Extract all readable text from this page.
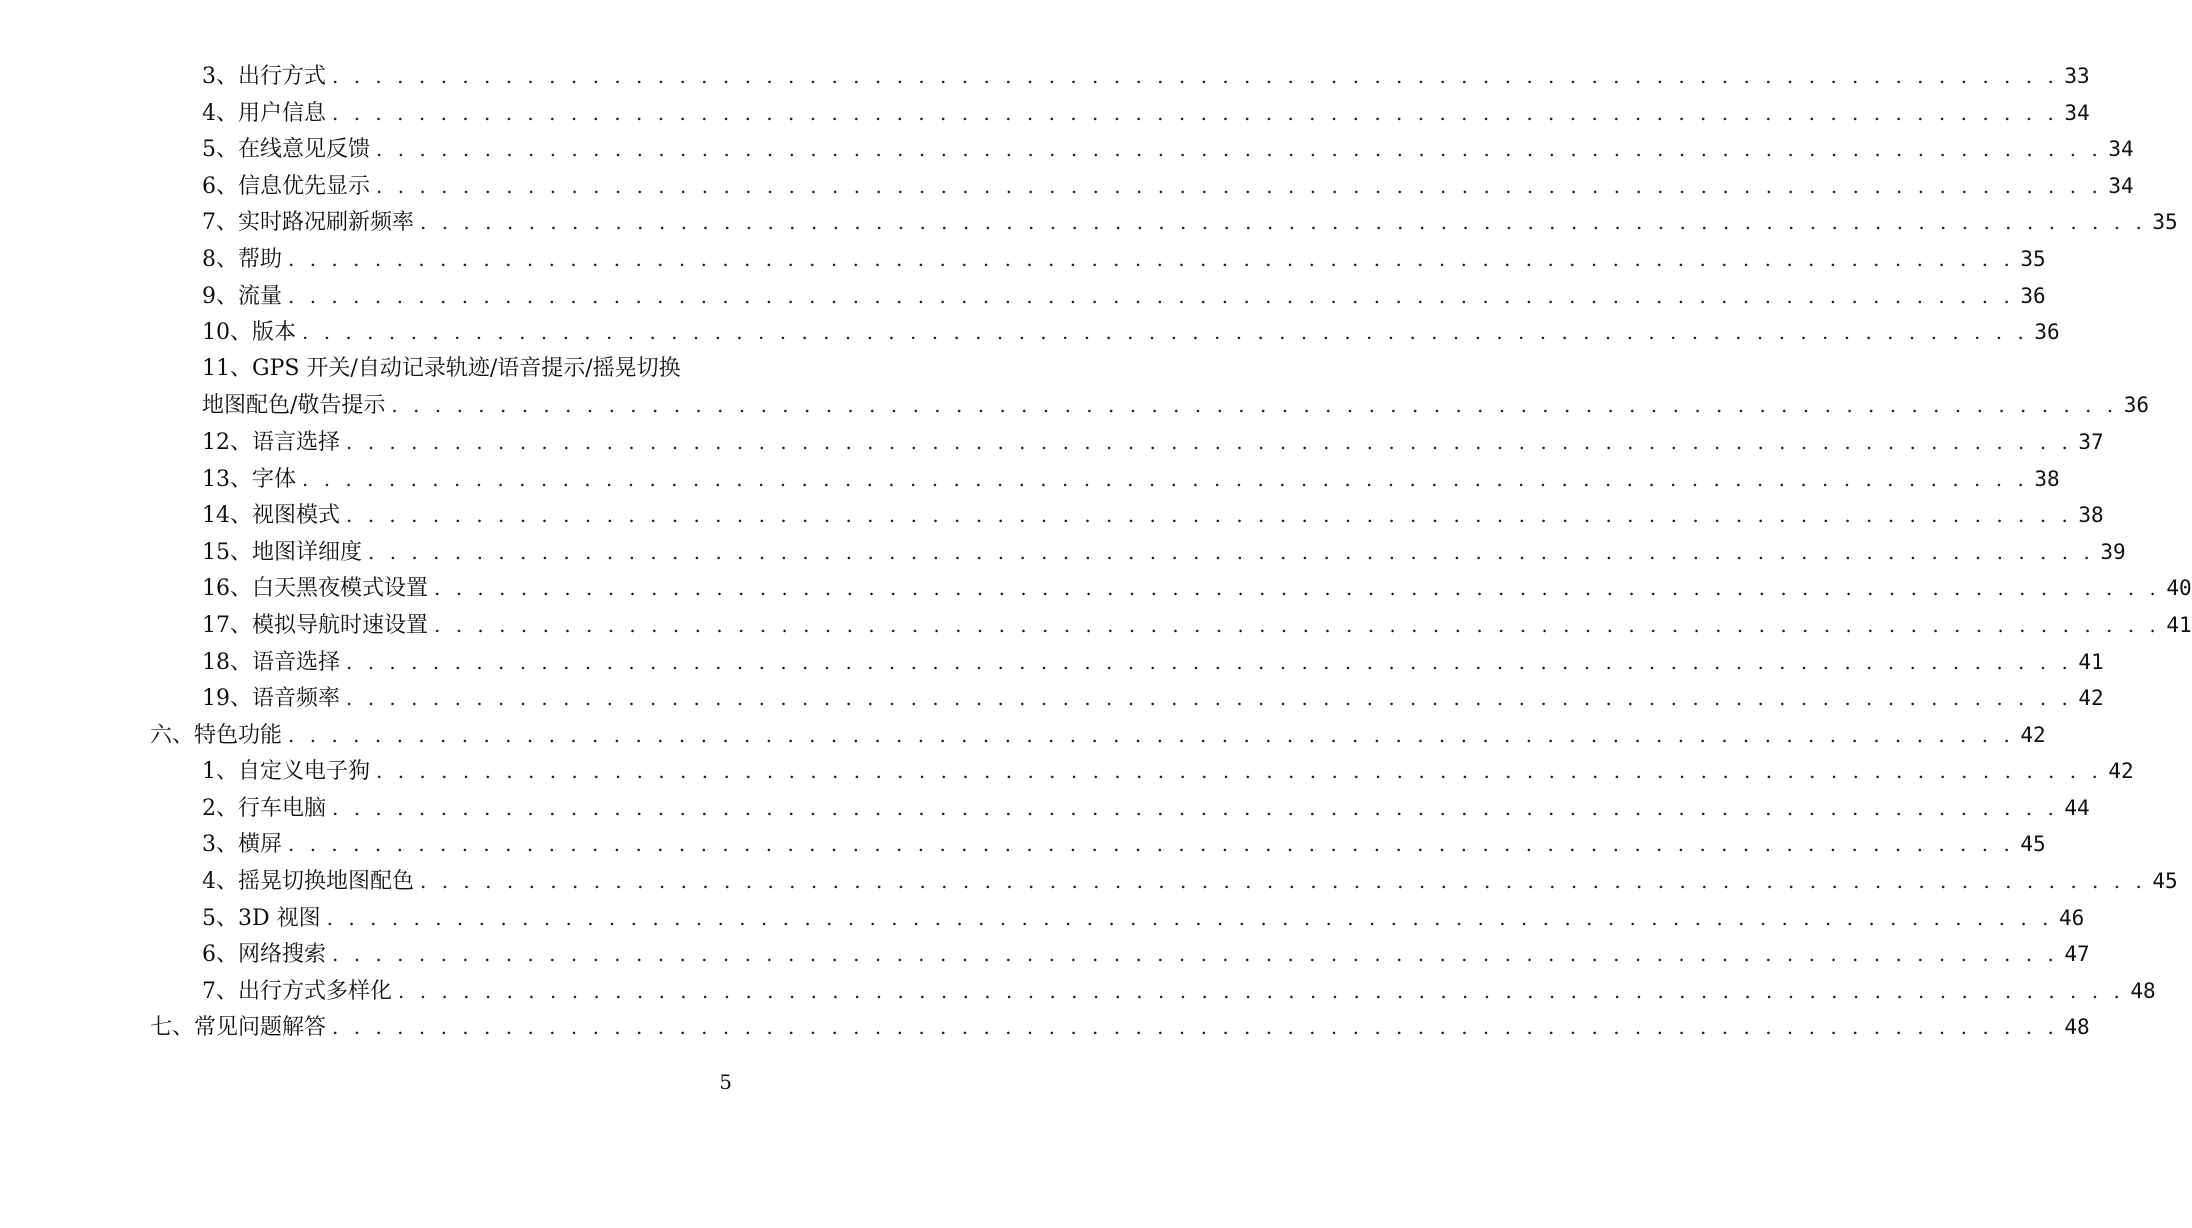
3、出行方式 . . . . . . . . . . . . . . . . . . . . . . . . . . . . . . . . . . . . . . . . . . . . . . . . . . . . . . . . . . . . . . . . . . . . . . . . . . . . . . . . 33
4、用户信息 . . . . . . . . . . . . . . . . . . . . . . . . . . . . . . . . . . . . . . . . . . . . . . . . . . . . . . . . . . . . . . . . . . . . . . . . . . . . . . . . 34
5、在线意见反馈 . . . . . . . . . . . . . . . . . . . . . . . . . . . . . . . . . . . . . . . . . . . . . . . . . . . . . . . . . . . . . . . . . . . . . . . . . . . . . . . . 34
6、信息优先显示 . . . . . . . . . . . . . . . . . . . . . . . . . . . . . . . . . . . . . . . . . . . . . . . . . . . . . . . . . . . . . . . . . . . . . . . . . . . . . . . . 34
7、实时路况刷新频率 . . . . . . . . . . . . . . . . . . . . . . . . . . . . . . . . . . . . . . . . . . . . . . . . . . . . . . . . . . . . . . . . . . . . . . . . . . . . . . . . 35
8、帮助 . . . . . . . . . . . . . . . . . . . . . . . . . . . . . . . . . . . . . . . . . . . . . . . . . . . . . . . . . . . . . . . . . . . . . . . . . . . . . . . . 35
9、流量 . . . . . . . . . . . . . . . . . . . . . . . . . . . . . . . . . . . . . . . . . . . . . . . . . . . . . . . . . . . . . . . . . . . . . . . . . . . . . . . . 36
10、版本 . . . . . . . . . . . . . . . . . . . . . . . . . . . . . . . . . . . . . . . . . . . . . . . . . . . . . . . . . . . . . . . . . . . . . . . . . . . . . . . . 36
11、GPS 开关/自动记录轨迹/语音提示/摇晃切换
地图配色/敬告提示 . . . . . . . . . . . . . . . . . . . . . . . . . . . . . . . . . . . . . . . . . . . . . . . . . . . . . . . . . . . . . . . . . . . . . . . . . . . . . . . . 36
12、语言选择 . . . . . . . . . . . . . . . . . . . . . . . . . . . . . . . . . . . . . . . . . . . . . . . . . . . . . . . . . . . . . . . . . . . . . . . . . . . . . . . . 37
13、字体 . . . . . . . . . . . . . . . . . . . . . . . . . . . . . . . . . . . . . . . . . . . . . . . . . . . . . . . . . . . . . . . . . . . . . . . . . . . . . . . . 38
14、视图模式 . . . . . . . . . . . . . . . . . . . . . . . . . . . . . . . . . . . . . . . . . . . . . . . . . . . . . . . . . . . . . . . . . . . . . . . . . . . . . . . . 38
15、地图详细度 . . . . . . . . . . . . . . . . . . . . . . . . . . . . . . . . . . . . . . . . . . . . . . . . . . . . . . . . . . . . . . . . . . . . . . . . . . . . . . . . 39
16、白天黑夜模式设置 . . . . . . . . . . . . . . . . . . . . . . . . . . . . . . . . . . . . . . . . . . . . . . . . . . . . . . . . . . . . . . . . . . . . . . . . . . . . . . . . 40
17、模拟导航时速设置 . . . . . . . . . . . . . . . . . . . . . . . . . . . . . . . . . . . . . . . . . . . . . . . . . . . . . . . . . . . . . . . . . . . . . . . . . . . . . . . . 41
18、语音选择 . . . . . . . . . . . . . . . . . . . . . . . . . . . . . . . . . . . . . . . . . . . . . . . . . . . . . . . . . . . . . . . . . . . . . . . . . . . . . . . . 41
19、语音频率 . . . . . . . . . . . . . . . . . . . . . . . . . . . . . . . . . . . . . . . . . . . . . . . . . . . . . . . . . . . . . . . . . . . . . . . . . . . . . . . . 42
六、特色功能 . . . . . . . . . . . . . . . . . . . . . . . . . . . . . . . . . . . . . . . . . . . . . . . . . . . . . . . . . . . . . . . . . . . . . . . . . . . . . . . . 42
1、自定义电子狗 . . . . . . . . . . . . . . . . . . . . . . . . . . . . . . . . . . . . . . . . . . . . . . . . . . . . . . . . . . . . . . . . . . . . . . . . . . . . . . . . 42
2、行车电脑 . . . . . . . . . . . . . . . . . . . . . . . . . . . . . . . . . . . . . . . . . . . . . . . . . . . . . . . . . . . . . . . . . . . . . . . . . . . . . . . . 44
3、横屏 . . . . . . . . . . . . . . . . . . . . . . . . . . . . . . . . . . . . . . . . . . . . . . . . . . . . . . . . . . . . . . . . . . . . . . . . . . . . . . . . 45
4、摇晃切换地图配色 . . . . . . . . . . . . . . . . . . . . . . . . . . . . . . . . . . . . . . . . . . . . . . . . . . . . . . . . . . . . . . . . . . . . . . . . . . . . . . . . 45
5、3D 视图 . . . . . . . . . . . . . . . . . . . . . . . . . . . . . . . . . . . . . . . . . . . . . . . . . . . . . . . . . . . . . . . . . . . . . . . . . . . . . . . . 46
6、网络搜索 . . . . . . . . . . . . . . . . . . . . . . . . . . . . . . . . . . . . . . . . . . . . . . . . . . . . . . . . . . . . . . . . . . . . . . . . . . . . . . . . 47
7、出行方式多样化 . . . . . . . . . . . . . . . . . . . . . . . . . . . . . . . . . . . . . . . . . . . . . . . . . . . . . . . . . . . . . . . . . . . . . . . . . . . . . . . . 48
七、常见问题解答 . . . . . . . . . . . . . . . . . . . . . . . . . . . . . . . . . . . . . . . . . . . . . . . . . . . . . . . . . . . . . . . . . . . . . . . . . . . . . . . . 48
5
